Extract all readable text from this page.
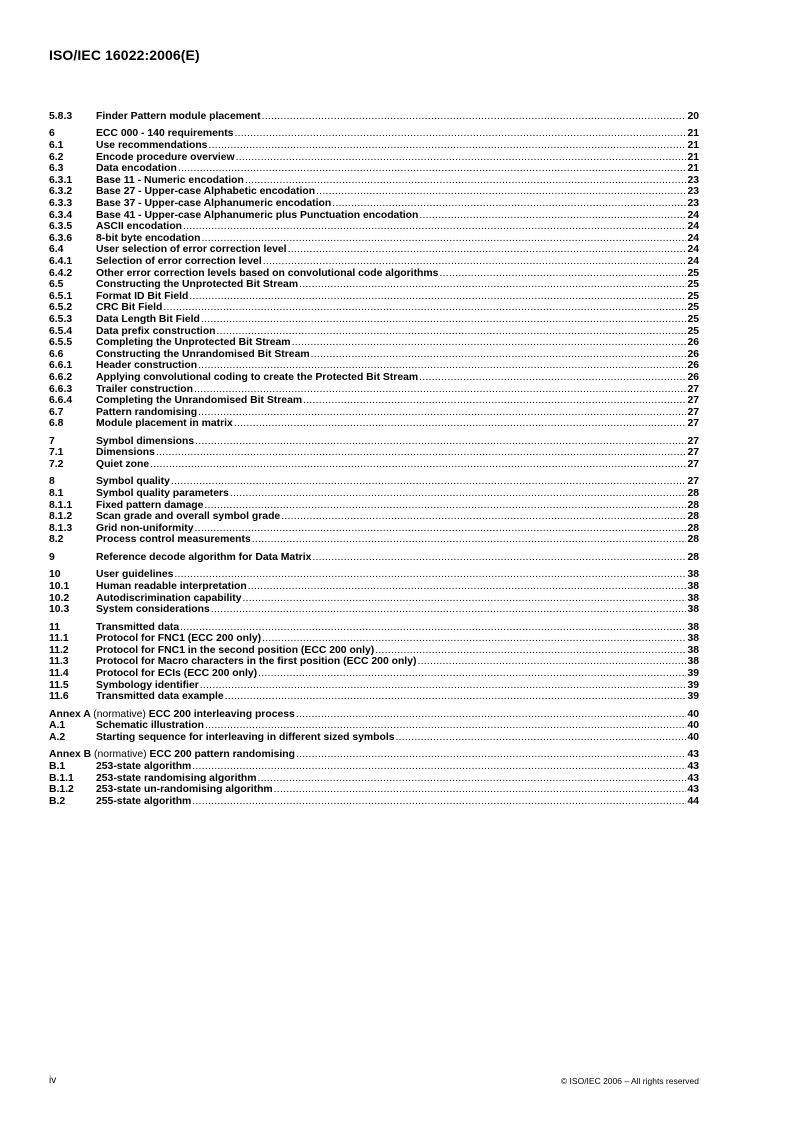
ISO/IEC 16022:2006(E)
5.8.3	Finder Pattern module placement .....	20
6	ECC 000 - 140 requirements .....	21
6.1	Use recommendations .....	21
6.2	Encode procedure overview .....	21
6.3	Data encodation .....	21
6.3.1	Base 11 - Numeric encodation .....	23
6.3.2	Base 27 - Upper-case Alphabetic encodation .....	23
6.3.3	Base 37 - Upper-case Alphanumeric encodation .....	23
6.3.4	Base 41 - Upper-case Alphanumeric plus Punctuation encodation .....	24
6.3.5	ASCII encodation .....	24
6.3.6	8-bit byte encodation .....	24
6.4	User selection of error correction level .....	24
6.4.1	Selection of error correction level .....	24
6.4.2	Other error correction levels based on convolutional code algorithms .....	25
6.5	Constructing the Unprotected Bit Stream .....	25
6.5.1	Format ID Bit Field .....	25
6.5.2	CRC Bit Field .....	25
6.5.3	Data Length Bit Field .....	25
6.5.4	Data prefix construction .....	25
6.5.5	Completing the Unprotected Bit Stream .....	26
6.6	Constructing the Unrandomised Bit Stream .....	26
6.6.1	Header construction .....	26
6.6.2	Applying convolutional coding to create the Protected Bit Stream .....	26
6.6.3	Trailer construction .....	27
6.6.4	Completing the Unrandomised Bit Stream .....	27
6.7	Pattern randomising .....	27
6.8	Module placement in matrix .....	27
7	Symbol dimensions .....	27
7.1	Dimensions .....	27
7.2	Quiet zone .....	27
8	Symbol quality .....	27
8.1	Symbol quality parameters .....	28
8.1.1	Fixed pattern damage .....	28
8.1.2	Scan grade and overall symbol grade .....	28
8.1.3	Grid non-uniformity .....	28
8.2	Process control measurements .....	28
9	Reference decode algorithm for Data Matrix .....	28
10	User guidelines .....	38
10.1	Human readable interpretation .....	38
10.2	Autodiscrimination capability .....	38
10.3	System considerations .....	38
11	Transmitted data .....	38
11.1	Protocol for FNC1 (ECC 200 only) .....	38
11.2	Protocol for FNC1 in the second position (ECC 200 only) .....	38
11.3	Protocol for Macro characters in the first position (ECC 200 only) .....	38
11.4	Protocol for ECIs (ECC 200 only) .....	39
11.5	Symbology identifier .....	39
11.6	Transmitted data example .....	39
Annex A (normative) ECC 200 interleaving process .....	40
A.1	Schematic illustration .....	40
A.2	Starting sequence for interleaving in different sized symbols .....	40
Annex B (normative) ECC 200 pattern randomising .....	43
B.1	253-state algorithm .....	43
B.1.1	253-state randomising algorithm .....	43
B.1.2	253-state un-randomising algorithm .....	43
B.2	255-state algorithm .....	44
iv	© ISO/IEC 2006 – All rights reserved
